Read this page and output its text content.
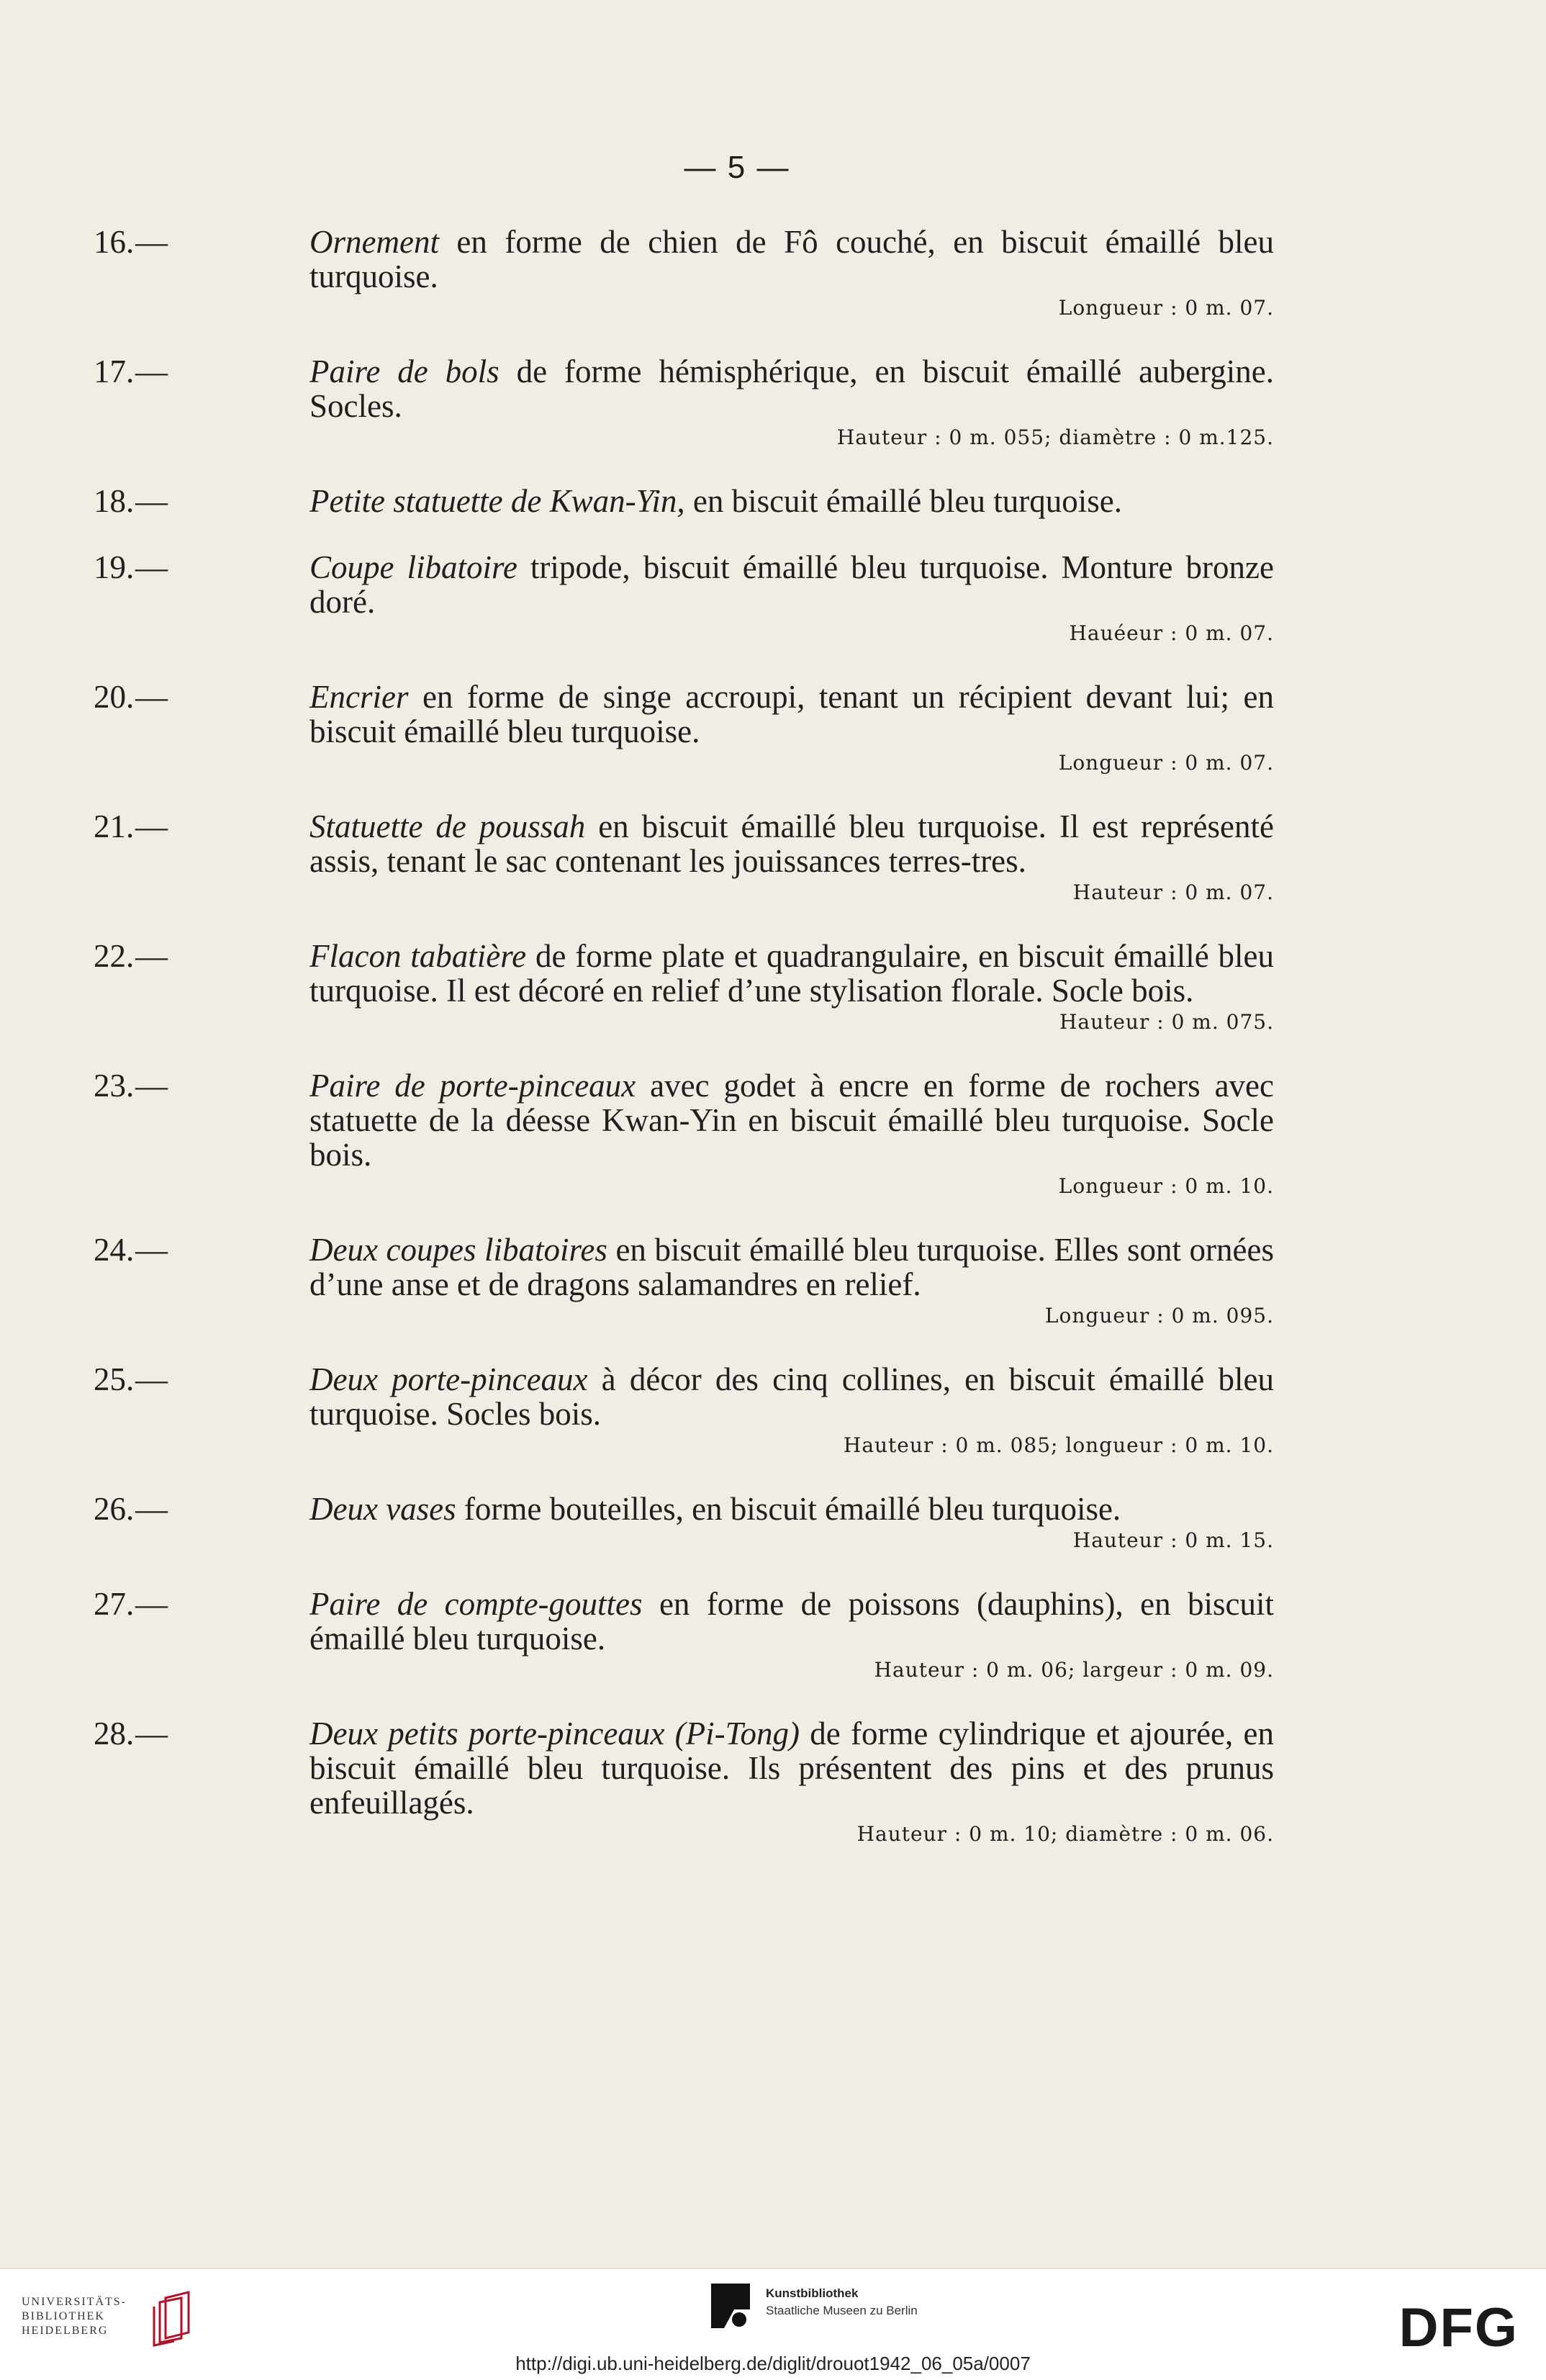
— 5 —
16.—	Ornement en forme de chien de Fô couché, en biscuit émaillé bleu turquoise.
Longueur : 0 m. 07.
17.—	Paire de bols de forme hémisphérique, en biscuit émaillé aubergine. Socles.
Hauteur : 0 m. 055; diamètre : 0 m.125.
18.—	Petite statuette de Kwan-Yin, en biscuit émaillé bleu turquoise.
19.—	Coupe libatoire tripode, biscuit émaillé bleu turquoise. Monture bronze doré.
Hauéeur : 0 m. 07.
20.—	Encrier en forme de singe accroupi, tenant un récipient devant lui; en biscuit émaillé bleu turquoise.
Longueur : 0 m. 07.
21.—	Statuette de poussah en biscuit émaillé bleu turquoise. Il est représenté assis, tenant le sac contenant les jouissances terres-tres.
Hauteur : 0 m. 07.
22.—	Flacon tabatière de forme plate et quadrangulaire, en biscuit émaillé bleu turquoise. Il est décoré en relief d’une stylisation florale. Socle bois.
Hauteur : 0 m. 075.
23.—	Paire de porte-pinceaux avec godet à encre en forme de rochers avec statuette de la déesse Kwan-Yin en biscuit émaillé bleu turquoise. Socle bois.
Longueur : 0 m. 10.
24.—	Deux coupes libatoires en biscuit émaillé bleu turquoise. Elles sont ornées d’une anse et de dragons salamandres en relief.
Longueur : 0 m. 095.
25.—	Deux porte-pinceaux à décor des cinq collines, en biscuit émaillé bleu turquoise. Socles bois.
Hauteur : 0 m. 085; longueur : 0 m. 10.
26.—	Deux vases forme bouteilles, en biscuit émaillé bleu turquoise.
Hauteur : 0 m. 15.
27.—	Paire de compte-gouttes en forme de poissons (dauphins), en biscuit émaillé bleu turquoise.
Hauteur : 0 m. 06; largeur : 0 m. 09.
28.—	Deux petits porte-pinceaux (Pi-Tong) de forme cylindrique et ajourée, en biscuit émaillé bleu turquoise. Ils présentent des pins et des prunus enfeuillagés.
Hauteur : 0 m. 10; diamètre : 0 m. 06.
UNIVERSITÄTS-
BIBLIOTHEK
HEIDELBERG
Kunstbibliothek
Staatliche Museen zu Berlin	DFG
http://digi.ub.uni-heidelberg.de/diglit/drouot1942_06_05a/0007
